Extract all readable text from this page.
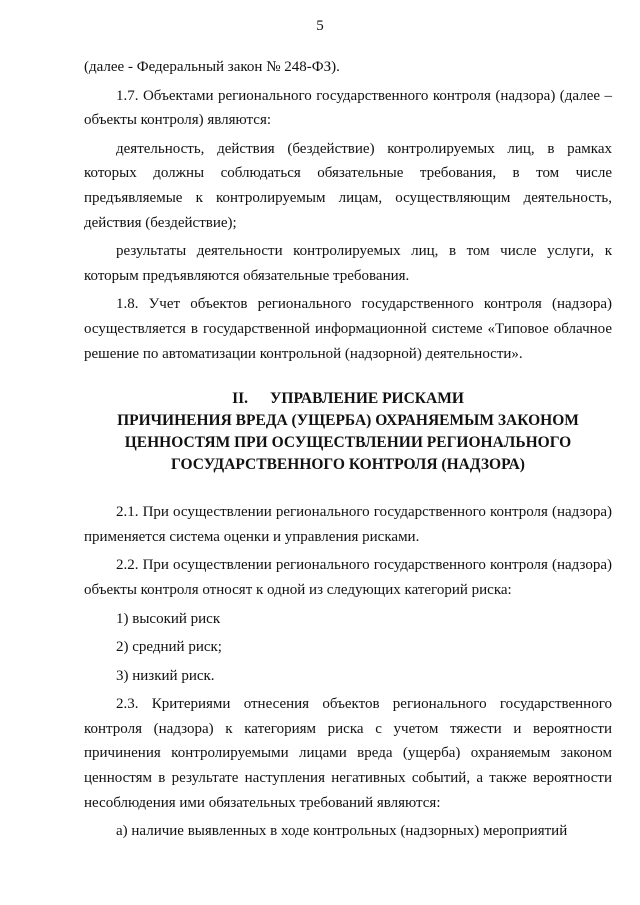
5

(далее - Федеральный закон № 248-ФЗ).

1.7. Объектами регионального государственного контроля (надзора) (далее – объекты контроля) являются:

деятельность, действия (бездействие) контролируемых лиц, в рамках которых должны соблюдаться обязательные требования, в том числе предъявляемые к контролируемым лицам, осуществляющим деятельность, действия (бездействие);

результаты деятельности контролируемых лиц, в том числе услуги, к которым предъявляются обязательные требования.

1.8. Учет объектов регионального государственного контроля (надзора) осуществляется в государственной информационной системе «Типовое облачное решение по автоматизации контрольной (надзорной) деятельности».

II. УПРАВЛЕНИЕ РИСКАМИ
ПРИЧИНЕНИЯ ВРЕДА (УЩЕРБА) ОХРАНЯЕМЫМ ЗАКОНОМ
ЦЕННОСТЯМ ПРИ ОСУЩЕСТВЛЕНИИ РЕГИОНАЛЬНОГО
ГОСУДАРСТВЕННОГО КОНТРОЛЯ (НАДЗОРА)

2.1. При осуществлении регионального государственного контроля (надзора) применяется система оценки и управления рисками.

2.2. При осуществлении регионального государственного контроля (надзора) объекты контроля относят к одной из следующих категорий риска:

1) высокий риск

2) средний риск;

3) низкий риск.

2.3. Критериями отнесения объектов регионального государственного контроля (надзора) к категориям риска с учетом тяжести и вероятности причинения контролируемыми лицами вреда (ущерба) охраняемым законом ценностям в результате наступления негативных событий, а также вероятности несоблюдения ими обязательных требований являются:

а) наличие выявленных в ходе контрольных (надзорных) мероприятий
